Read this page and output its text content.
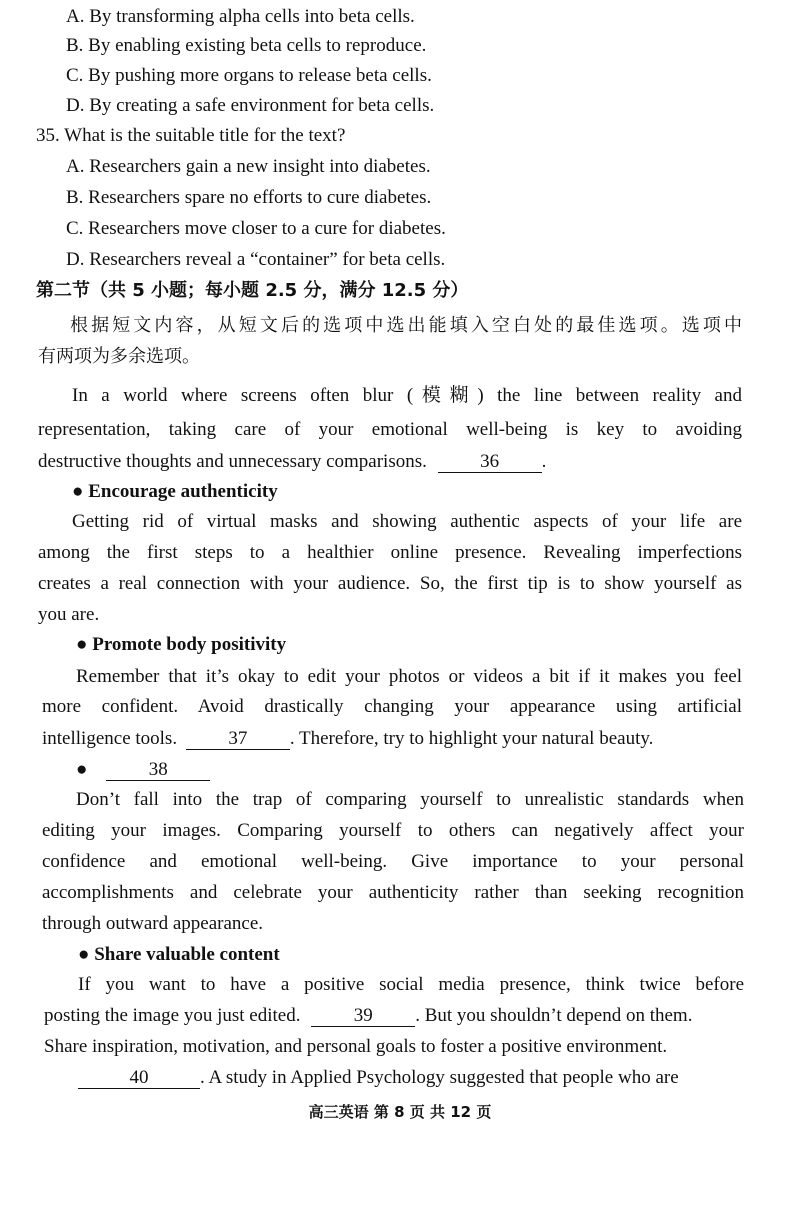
A. By transforming alpha cells into beta cells.
B. By enabling existing beta cells to reproduce.
C. By pushing more organs to release beta cells.
D. By creating a safe environment for beta cells.
35. What is the suitable title for the text?
A. Researchers gain a new insight into diabetes.
B. Researchers spare no efforts to cure diabetes.
C. Researchers move closer to a cure for diabetes.
D. Researchers reveal a “container” for beta cells.
第二节（共 5 小题；每小题 2.5 分，满分 12.5 分）
根据短文内容，从短文后的选项中选出能填入空白处的最佳选项。选项中
有两项为多余选项。
In a world where screens often blur (模糊) the line between reality and
representation, taking care of your emotional well-being is key to avoiding
destructive thoughts and unnecessary comparisons.	36 .
● Encourage authenticity
Getting rid of virtual masks and showing authentic aspects of your life are
among the first steps to a healthier online presence. Revealing imperfections
creates a real connection with your audience. So, the first tip is to show yourself as
you are.
● Promote body positivity
Remember that it’s okay to edit your photos or videos a bit if it makes you feel
more confident. Avoid drastically changing your appearance using artificial
intelligence tools.	37 . Therefore, try to highlight your natural beauty.
●	38
Don’t fall into the trap of comparing yourself to unrealistic standards when
editing your images. Comparing yourself to others can negatively affect your
confidence and emotional well-being. Give importance to your personal
accomplishments and celebrate your authenticity rather than seeking recognition
through outward appearance.
● Share valuable content
If you want to have a positive social media presence, think twice before
posting the image you just edited.	39 . But you shouldn’t depend on them.
Share inspiration, motivation, and personal goals to foster a positive environment.
40	. A study in Applied Psychology suggested that people who are
高三英语 第 8 页 共 12 页
